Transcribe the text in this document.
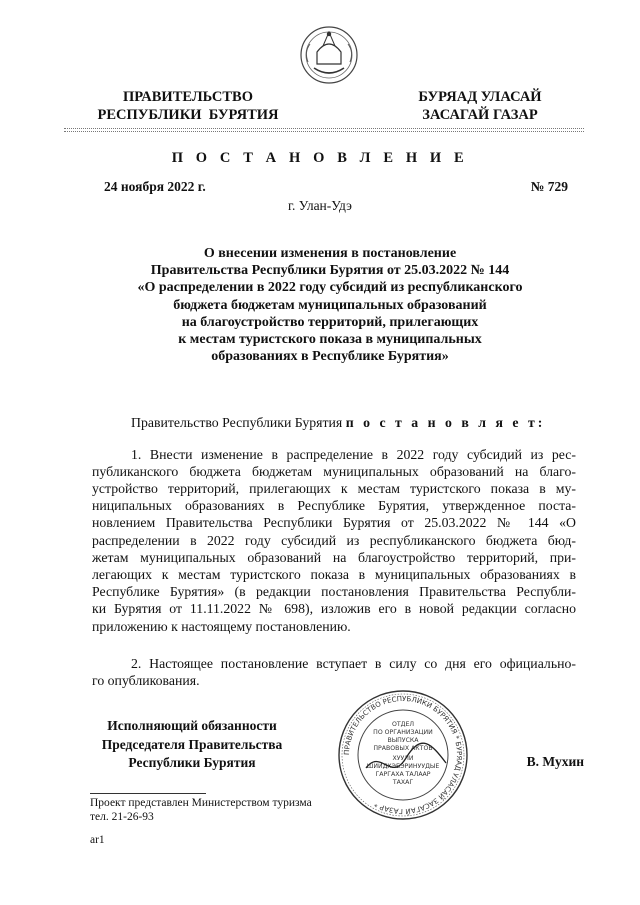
ПРАВИТЕЛЬСТВО
РЕСПУБЛИКИ  БУРЯТИЯ
БУРЯАД УЛАСАЙ
ЗАСАГАЙ ГАЗАР
П О С Т А Н О В Л Е Н И Е
24 ноября 2022 г.	№ 729
г. Улан-Удэ
О внесении изменения в постановление
Правительства Республики Бурятия от 25.03.2022 № 144
«О распределении в 2022 году субсидий из республиканского
бюджета бюджетам муниципальных образований
на благоустройство территорий, прилегающих
к местам туристского показа в муниципальных
образованиях в Республике Бурятия»
Правительство Республики Бурятия п о с т а н о в л я е т:
1. Внести изменение в распределение в 2022 году субсидий из рес-
публиканского бюджета бюджетам муниципальных образований на благо-
устройство территорий, прилегающих к местам туристского показа в му-
ниципальных образованиях в Республике Бурятия, утвержденное поста-
новлением Правительства Республики Бурятия от 25.03.2022 № 144 «О
распределении в 2022 году субсидий из республиканского бюджета бюд-
жетам муниципальных образований на благоустройство территорий, при-
легающих к местам туристского показа в муниципальных образованиях в
Республике Бурятия» (в редакции постановления Правительства Республи-
ки Бурятия от 11.11.2022 № 698), изложив его в новой редакции согласно
приложению к настоящему постановлению.
2. Настоящее постановление вступает в силу со дня его официально-
го опубликования.
Исполняющий обязанности
Председателя Правительства
Республики Бурятия
ПРАВИТЕЛЬСТВО РЕСПУБЛИКИ БУРЯТИЯ * БУРЯАД УЛАСАЙ ЗАСАГАЙ ГАЗАР *
ОТДЕЛ
ПО ОРГАНИЗАЦИИ
ВЫПУСКА
ПРАВОВЫХ АКТОВ
ХУУЛИ
ШИИДХЭБЭРИНУУДЫЕ
ГАРГАХА ТАЛААР
ТАХАГ
В. Мухин
Проект представлен Министерством туризма
тел. 21-26-93
ar1
